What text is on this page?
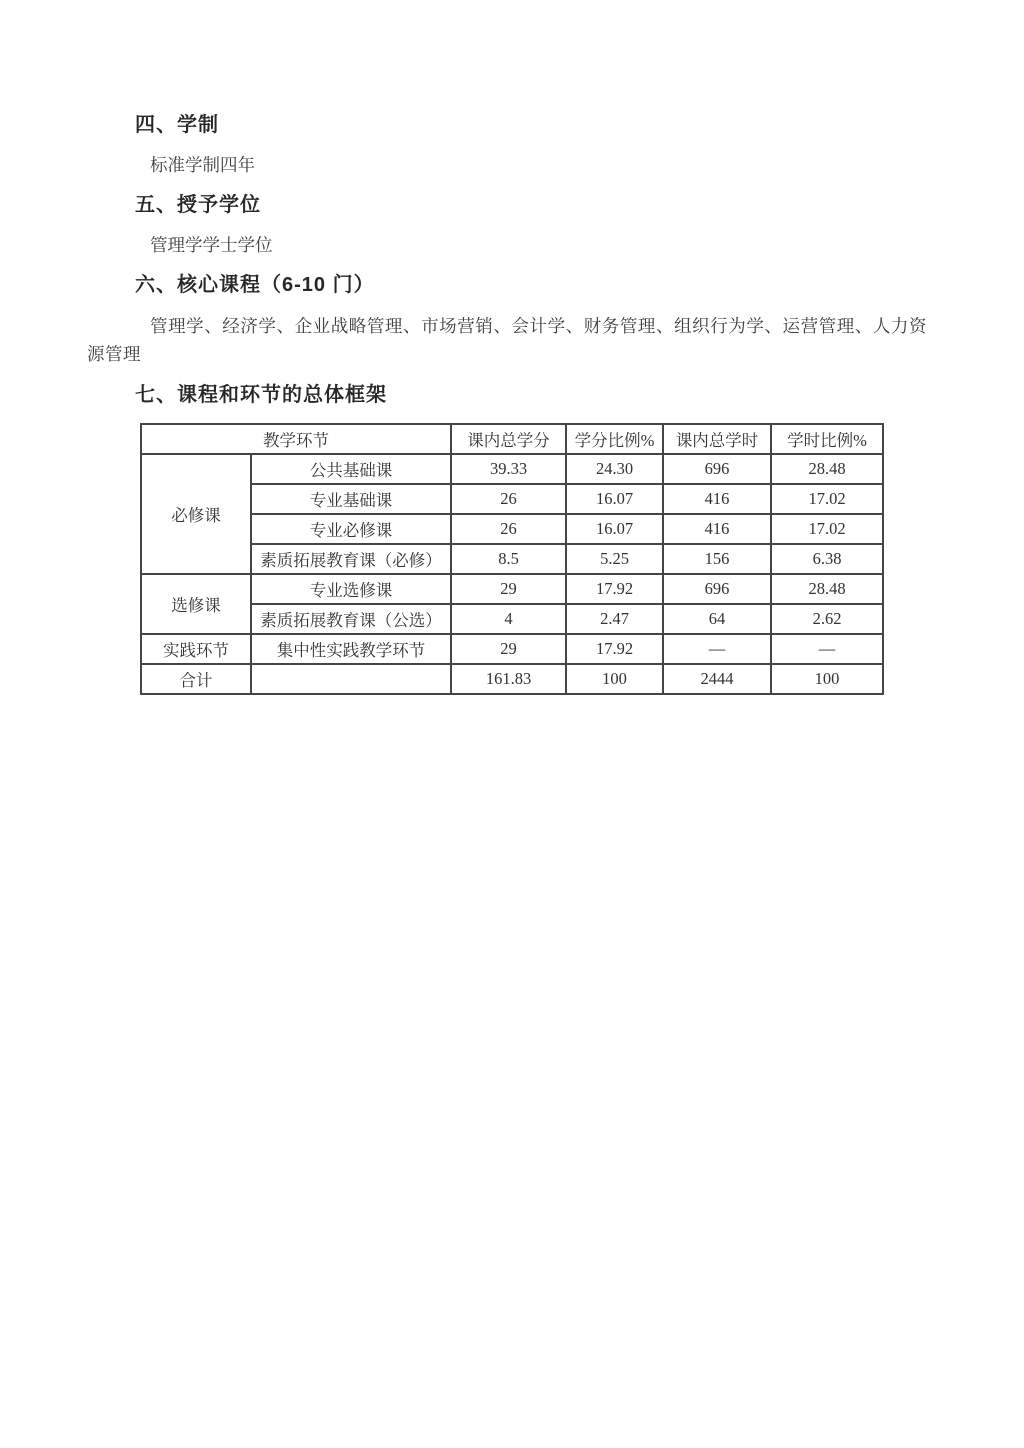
四、学制
标准学制四年
五、授予学位
管理学学士学位
六、核心课程（6-10 门）
管理学、经济学、企业战略管理、市场营销、会计学、财务管理、组织行为学、运营管理、人力资源管理
七、课程和环节的总体框架
教学环节		课内总学分	学分比例%	课内总学时	学时比例%
必修课	公共基础课	39.33	24.30	696	28.48
	专业基础课	26	16.07	416	17.02
	专业必修课	26	16.07	416	17.02
	素质拓展教育课（必修）	8.5	5.25	156	6.38
选修课	专业选修课	29	17.92	696	28.48
	素质拓展教育课（公选）	4	2.47	64	2.62
实践环节	集中性实践教学环节	29	17.92	—	—
合计		161.83	100	2444	100
